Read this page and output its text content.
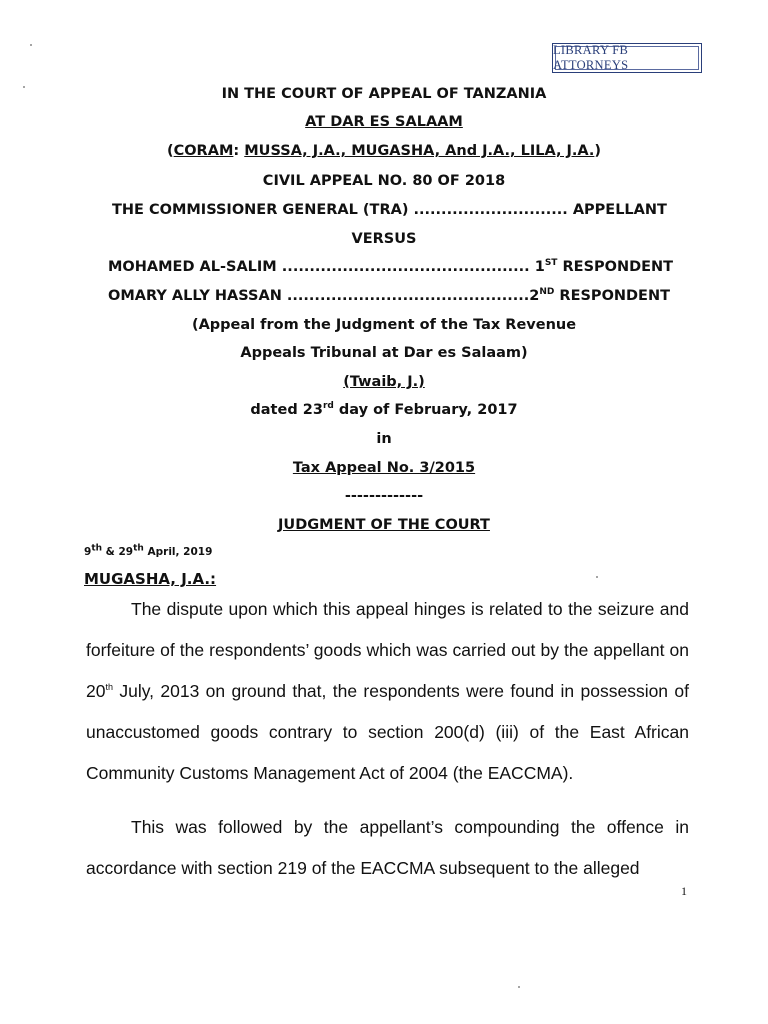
LIBRARY FB ATTORNEYS
IN THE COURT OF APPEAL OF TANZANIA
AT DAR ES SALAAM
(CORAM: MUSSA, J.A., MUGASHA, And J.A., LILA, J.A.)
CIVIL APPEAL NO. 80 OF 2018
THE COMMISSIONER GENERAL (TRA) ............................ APPELLANT
VERSUS
MOHAMED AL-SALIM ............................................. 1ST RESPONDENT
OMARY ALLY HASSAN ............................................2ND RESPONDENT
(Appeal from the Judgment of the Tax Revenue
Appeals Tribunal at Dar es Salaam)
(Twaib, J.)
dated 23rd day of February, 2017
in
Tax Appeal No. 3/2015
-------------
JUDGMENT OF THE COURT
9th & 29th April, 2019
MUGASHA, J.A.:
The dispute upon which this appeal hinges is related to the seizure and forfeiture of the respondents’ goods which was carried out by the appellant on 20th July, 2013 on ground that, the respondents were found in possession of unaccustomed goods contrary to section 200(d) (iii) of the East African Community Customs Management Act of 2004 (the EACCMA).
This was followed by the appellant’s compounding the offence in accordance with section 219 of the EACCMA subsequent to the alleged
1
